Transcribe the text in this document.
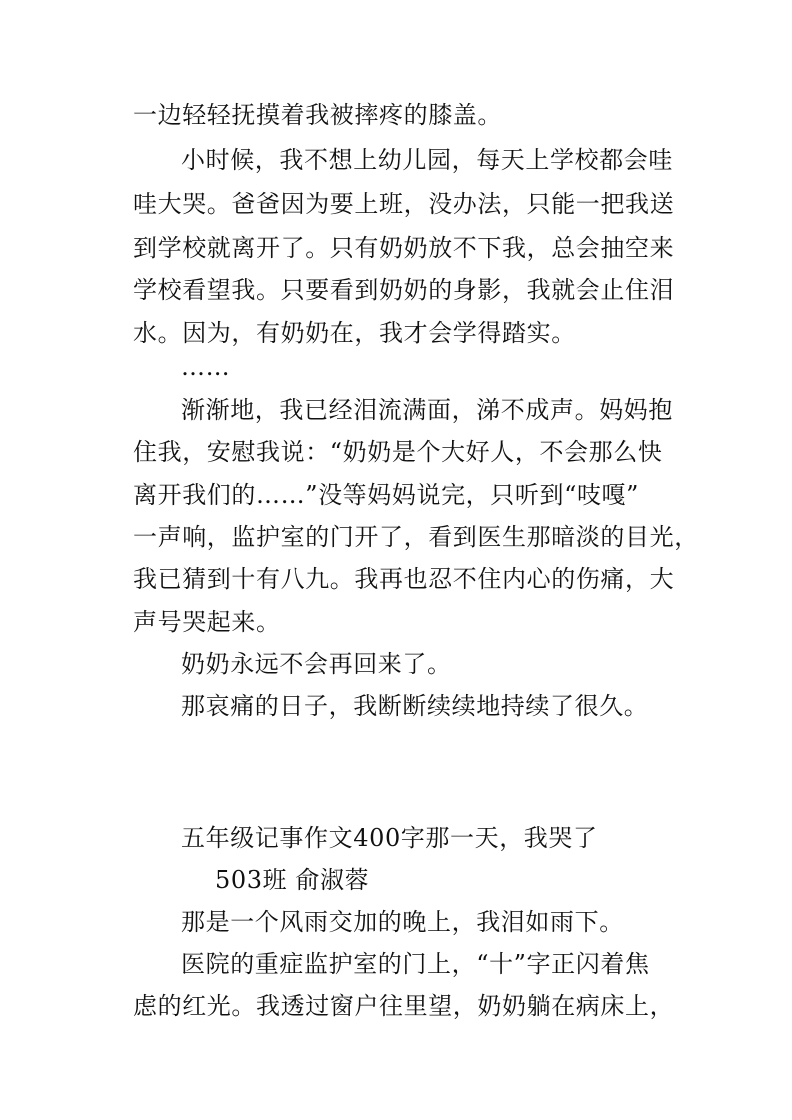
一边轻轻抚摸着我被摔疼的膝盖。
小时候，我不想上幼儿园，每天上学校都会哇
哇大哭。爸爸因为要上班，没办法，只能一把我送
到学校就离开了。只有奶奶放不下我，总会抽空来
学校看望我。只要看到奶奶的身影，我就会止住泪
水。因为，有奶奶在，我才会学得踏实。
……
渐渐地，我已经泪流满面，涕不成声。妈妈抱
住我，安慰我说：“奶奶是个大好人，不会那么快
离开我们的……”没等妈妈说完，只听到“吱嘎”
一声响，监护室的门开了，看到医生那暗淡的目光，
我已猜到十有八九。我再也忍不住内心的伤痛，大
声号哭起来。
奶奶永远不会再回来了。
那哀痛的日子，我断断续续地持续了很久。
五年级记事作文400字那一天，我哭了
503班 俞淑蓉
那是一个风雨交加的晚上，我泪如雨下。
医院的重症监护室的门上，“十”字正闪着焦
虑的红光。我透过窗户往里望，奶奶躺在病床上，
